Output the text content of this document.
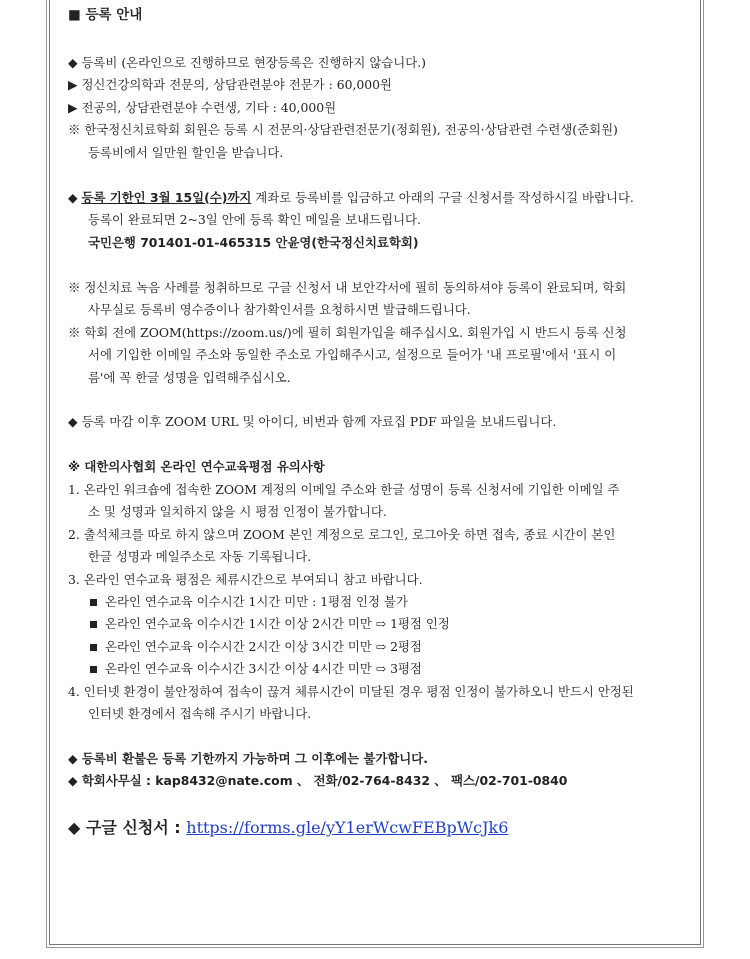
■ 등록 안내
◆ 등록비 (온라인으로 진행하므로 현장등록은 진행하지 않습니다.)
▶ 정신건강의학과 전문의, 상담관련분야 전문가 : 60,000원
▶ 전공의, 상담관련분야 수련생, 기타 : 40,000원
※ 한국정신치료학회 회원은 등록 시 전문의·상담관련전문기(정회원), 전공의·상담관련 수련생(준회원)
등록비에서 일만원 할인을 받습니다.
◆ 등록 기한인 3월 15일(수)까지 계좌로 등록비를 입금하고 아래의 구글 신청서를 작성하시길 바랍니다.
등록이 완료되면 2~3일 안에 등록 확인 메일을 보내드립니다.
국민은행 701401-01-465315 안윤영(한국정신치료학회)
※ 정신치료 녹음 사례를 청취하므로 구글 신청서 내 보안각서에 필히 동의하셔야 등록이 완료되며, 학회
사무실로 등록비 영수증이나 참가확인서를 요청하시면 발급해드립니다.
※ 학회 전에 ZOOM(https://zoom.us/)에 필히 회원가입을 해주십시오. 회원가입 시 반드시 등록 신청
서에 기입한 이메일 주소와 동일한 주소로 가입해주시고, 설정으로 들어가 '내 프로필'에서 '표시 이
름'에 꼭 한글 성명을 입력해주십시오.
◆ 등록 마감 이후 ZOOM URL 및 아이디, 비번과 함께 자료집 PDF 파일을 보내드립니다.
※ 대한의사협회 온라인 연수교육평점 유의사항
1. 온라인 워크숍에 접속한 ZOOM 계정의 이메일 주소와 한글 성명이 등록 신청서에 기입한 이메일 주
소 및 성명과 일치하지 않을 시 평점 인정이 불가합니다.
2. 출석체크를 따로 하지 않으며 ZOOM 본인 계정으로 로그인, 로그아웃 하면 접속, 종료 시간이 본인
한글 성명과 메일주소로 자동 기록됩니다.
3. 온라인 연수교육 평점은 체류시간으로 부여되니 참고 바랍니다.
온라인 연수교육 이수시간 1시간 미만 : 1평점 인정 불가
온라인 연수교육 이수시간 1시간 이상 2시간 미만 ⇨ 1평점 인정
온라인 연수교육 이수시간 2시간 이상 3시간 미만 ⇨ 2평점
온라인 연수교육 이수시간 3시간 이상 4시간 미만 ⇨ 3평점
4. 인터넷 환경이 불안정하여 접속이 끊겨 체류시간이 미달된 경우 평점 인정이 불가하오니 반드시 안정된
인터넷 환경에서 접속해 주시기 바랍니다.
◆ 등록비 환불은 등록 기한까지 가능하며 그 이후에는 불가합니다.
◆ 학회사무실 : kap8432@nate.com 、 전화/02-764-8432 、 팩스/02-701-0840
◆ 구글 신청서 : https://forms.gle/yY1erWcwFEBpWcJk6
